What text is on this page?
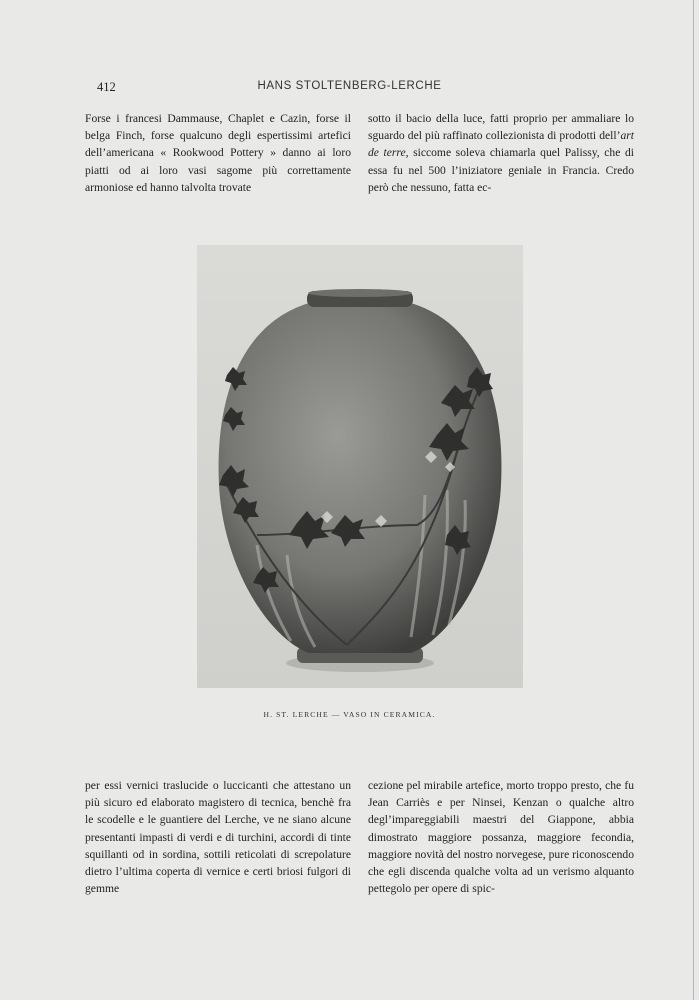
412	HANS STOLTENBERG-LERCHE

Forse i francesi Dammause, Chaplet e Cazin, forse il belga Finch, forse qualcuno degli espertissimi artefici dell’americana « Rookwood Pottery » danno ai loro piatti od ai loro vasi sagome più correttamente armoniose ed hanno talvolta trovate

sotto il bacio della luce, fatti proprio per ammaliare lo sguardo del più raffinato collezionista di prodotti dell’art de terre, siccome soleva chiamarla quel Palissy, che di essa fu nel 500 l’iniziatore geniale in Francia. Credo però che nessuno, fatta ec-

H. ST. LERCHE — VASO IN CERAMICA.

per essi vernici traslucide o luccicanti che attestano un più sicuro ed elaborato magistero di tecnica, benchè fra le scodelle e le guantiere del Lerche, ve ne siano alcune presentanti impasti di verdi e di turchini, accordi di tinte squillanti od in sordina, sottili reticolati di screpolature dietro l’ultima coperta di vernice e certi briosi fulgori di gemme

cezione pel mirabile artefice, morto troppo presto, che fu Jean Carriès e per Ninsei, Kenzan o qualche altro degl’impareggiabili maestri del Giappone, abbia dimostrato maggiore possanza, maggiore fecondia, maggiore novità del nostro norvegese, pure riconoscendo che egli discenda qualche volta ad un verismo alquanto pettegolo per opere di spic-
